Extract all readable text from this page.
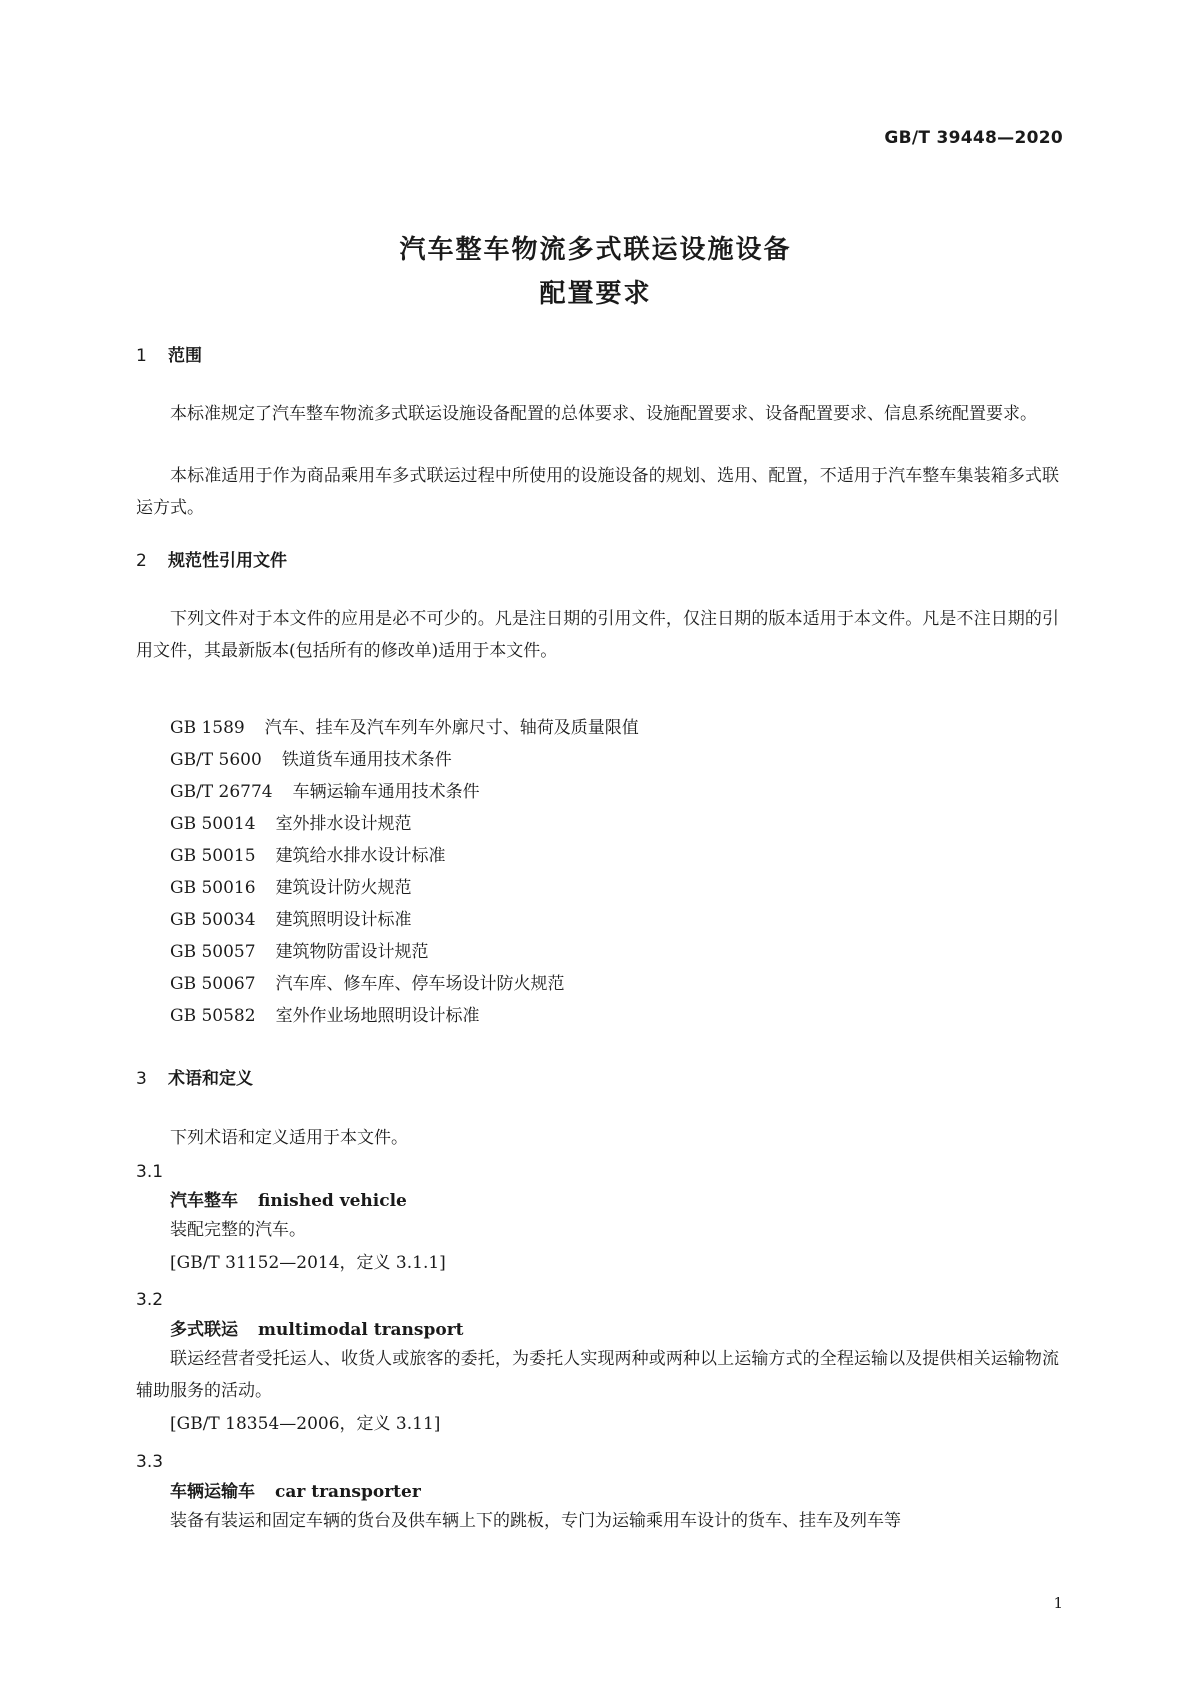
GB/T 39448—2020
汽车整车物流多式联运设施设备
配置要求
1 范围
本标准规定了汽车整车物流多式联运设施设备配置的总体要求、设施配置要求、设备配置要求、信息系统配置要求。
本标准适用于作为商品乘用车多式联运过程中所使用的设施设备的规划、选用、配置，不适用于汽车整车集装箱多式联运方式。
2 规范性引用文件
下列文件对于本文件的应用是必不可少的。凡是注日期的引用文件，仅注日期的版本适用于本文件。凡是不注日期的引用文件，其最新版本(包括所有的修改单)适用于本文件。
GB 1589 汽车、挂车及汽车列车外廓尺寸、轴荷及质量限值
GB/T 5600 铁道货车通用技术条件
GB/T 26774 车辆运输车通用技术条件
GB 50014 室外排水设计规范
GB 50015 建筑给水排水设计标准
GB 50016 建筑设计防火规范
GB 50034 建筑照明设计标准
GB 50057 建筑物防雷设计规范
GB 50067 汽车库、修车库、停车场设计防火规范
GB 50582 室外作业场地照明设计标准
3 术语和定义
下列术语和定义适用于本文件。
3.1
汽车整车 finished vehicle
装配完整的汽车。
[GB/T 31152—2014，定义 3.1.1]
3.2
多式联运 multimodal transport
联运经营者受托运人、收货人或旅客的委托，为委托人实现两种或两种以上运输方式的全程运输以及提供相关运输物流辅助服务的活动。
[GB/T 18354—2006，定义 3.11]
3.3
车辆运输车 car transporter
装备有装运和固定车辆的货台及供车辆上下的跳板，专门为运输乘用车设计的货车、挂车及列车等
1
